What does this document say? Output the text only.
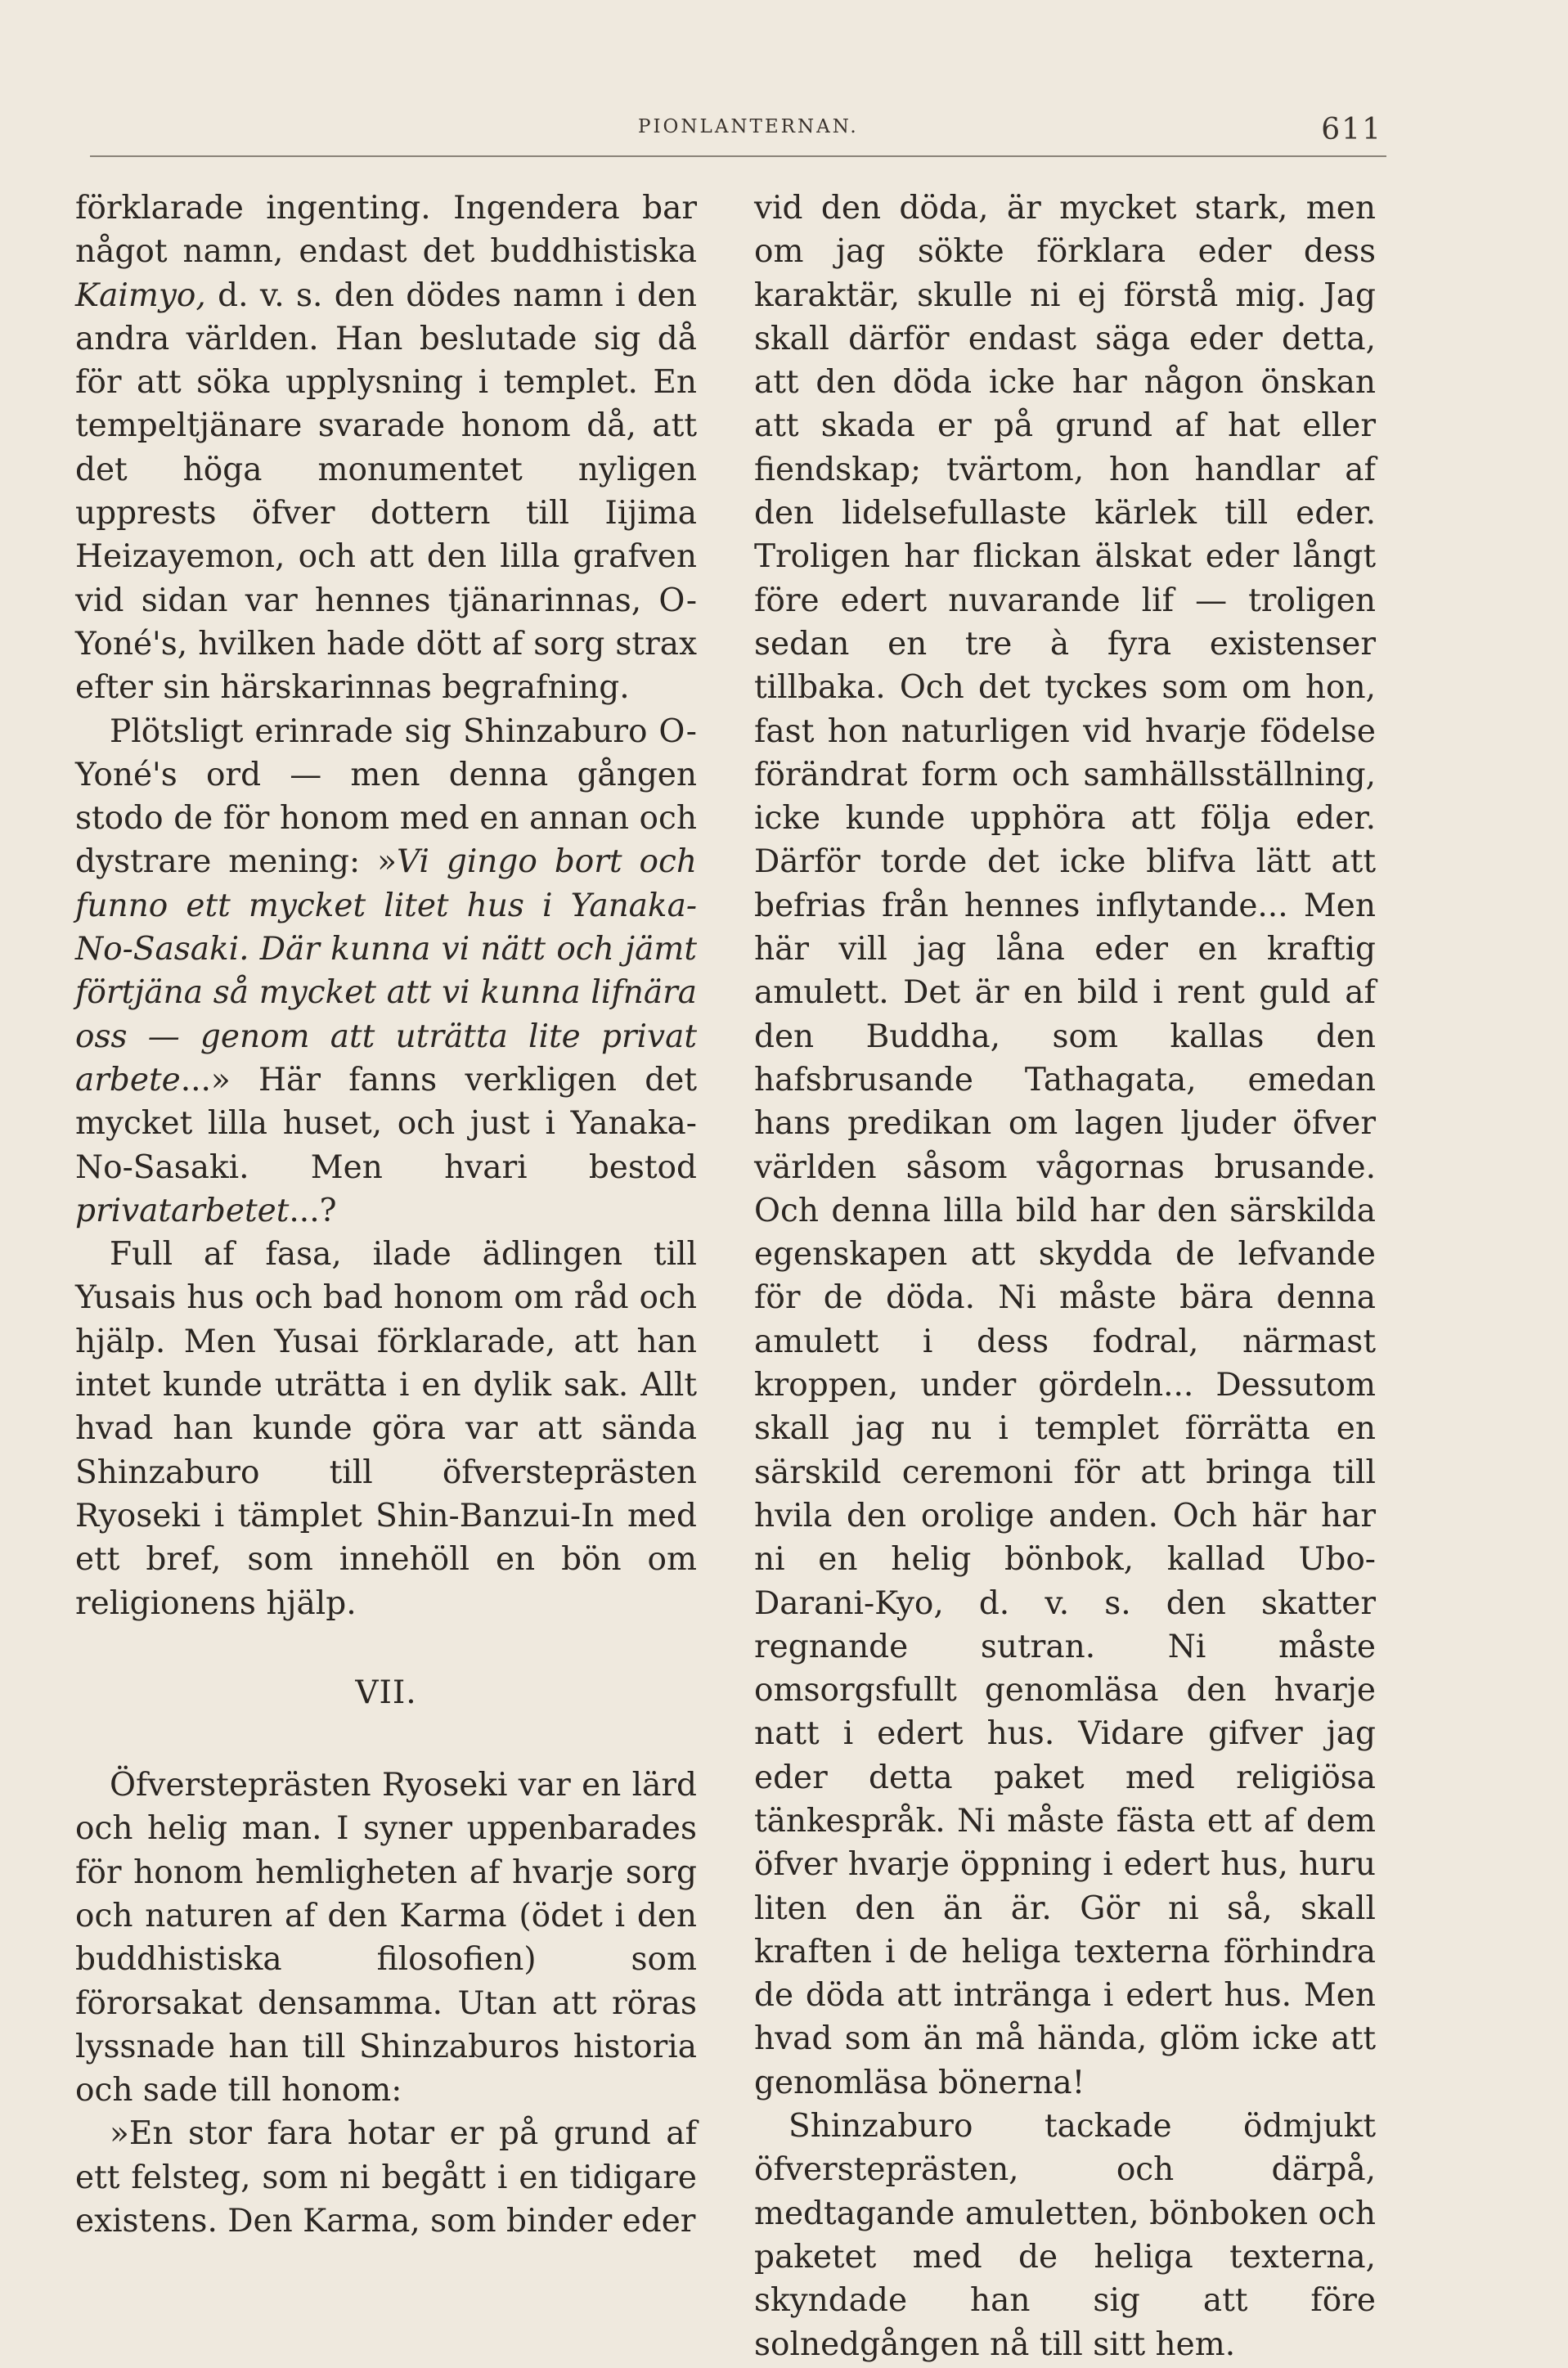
PIONLANTERNAN.	611

förklarade ingenting. Ingendera bar något namn, endast det buddhistiska Kaimyo, d. v. s. den dödes namn i den andra världen. Han beslutade sig då för att söka upplysning i templet. En tempeltjänare svarade honom då, att det höga monumentet nyligen upprests öfver dottern till Iijima Heizayemon, och att den lilla grafven vid sidan var hennes tjänarinnas, O-Yoné's, hvilken hade dött af sorg strax efter sin härskarinnas begrafning.

Plötsligt erinrade sig Shinzaburo O-Yoné's ord — men denna gången stodo de för honom med en annan och dystrare mening: »Vi gingo bort och funno ett mycket litet hus i Yanaka-No-Sasaki. Där kunna vi nätt och jämt förtjäna så mycket att vi kunna lifnära oss — genom att uträtta lite privat arbete...» Här fanns verkligen det mycket lilla huset, och just i Yanaka-No-Sasaki. Men hvari bestod privatarbetet...?

Full af fasa, ilade ädlingen till Yusais hus och bad honom om råd och hjälp. Men Yusai förklarade, att han intet kunde uträtta i en dylik sak. Allt hvad han kunde göra var att sända Shinzaburo till öfversteprästen Ryoseki i tämplet Shin-Banzui-In med ett bref, som innehöll en bön om religionens hjälp.

VII.

Öfversteprästen Ryoseki var en lärd och helig man. I syner uppenbarades för honom hemligheten af hvarje sorg och naturen af den Karma (ödet i den buddhistiska filosofien) som förorsakat densamma. Utan att röras lyssnade han till Shinzaburos historia och sade till honom:

»En stor fara hotar er på grund af ett felsteg, som ni begått i en tidigare existens. Den Karma, som binder eder

vid den döda, är mycket stark, men om jag sökte förklara eder dess karaktär, skulle ni ej förstå mig. Jag skall därför endast säga eder detta, att den döda icke har någon önskan att skada er på grund af hat eller fiendskap; tvärtom, hon handlar af den lidelsefullaste kärlek till eder. Troligen har flickan älskat eder långt före edert nuvarande lif — troligen sedan en tre à fyra existenser tillbaka. Och det tyckes som om hon, fast hon naturligen vid hvarje födelse förändrat form och samhällsställning, icke kunde upphöra att följa eder. Därför torde det icke blifva lätt att befrias från hennes inflytande... Men här vill jag låna eder en kraftig amulett. Det är en bild i rent guld af den Buddha, som kallas den hafsbrusande Tathagata, emedan hans predikan om lagen ljuder öfver världen såsom vågornas brusande. Och denna lilla bild har den särskilda egenskapen att skydda de lefvande för de döda. Ni måste bära denna amulett i dess fodral, närmast kroppen, under gördeln... Dessutom skall jag nu i templet förrätta en särskild ceremoni för att bringa till hvila den orolige anden. Och här har ni en helig bönbok, kallad Ubo-Darani-Kyo, d. v. s. den skatter regnande sutran. Ni måste omsorgsfullt genomläsa den hvarje natt i edert hus. Vidare gifver jag eder detta paket med religiösa tänkespråk. Ni måste fästa ett af dem öfver hvarje öppning i edert hus, huru liten den än är. Gör ni så, skall kraften i de heliga texterna förhindra de döda att inträngа i edert hus. Men hvad som än må hända, glöm icke att genomläsa bönerna!

Shinzaburo tackade ödmjukt öfversteprästen, och därpå, medtagande amuletten, bönboken och paketet med de heliga texterna, skyndade han sig att före solnedgången nå till sitt hem.
